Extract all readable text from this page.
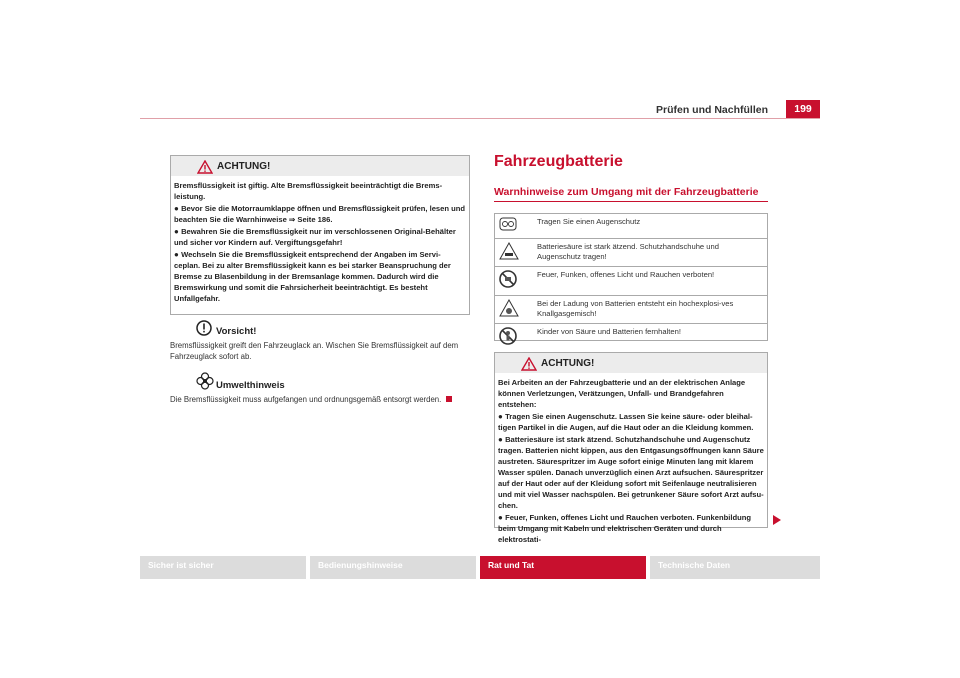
Prüfen und Nachfüllen	199
ACHTUNG!

Bremsflüssigkeit ist giftig. Alte Bremsflüssigkeit beeinträchtigt die Brems-leistung.

● Bevor Sie die Motorraumklappe öffnen und Bremsflüssigkeit prüfen, lesen und beachten Sie die Warnhinweise ⇒ Seite 186.

● Bewahren Sie die Bremsflüssigkeit nur im verschlossenen Original-Behälter und sicher vor Kindern auf. Vergiftungsgefahr!

● Wechseln Sie die Bremsflüssigkeit entsprechend der Angaben im Servi-ceplan. Bei zu alter Bremsflüssigkeit kann es bei starker Beanspruchung der Bremse zu Blasenbildung in der Bremsanlage kommen. Dadurch wird die Bremswirkung und somit die Fahrsicherheit beeinträchtigt. Es besteht Unfallgefahr.

Vorsicht!
Bremsflüssigkeit greift den Fahrzeuglack an. Wischen Sie Bremsflüssigkeit auf dem Fahrzeuglack sofort ab.
Umwelthinweis
Die Bremsflüssigkeit muss aufgefangen und ordnungsgemäß entsorgt werden.
Fahrzeugbatterie
Warnhinweise zum Umgang mit der Fahrzeugbatterie
	Tragen Sie einen Augenschutz
	Batteriesäure ist stark ätzend. Schutzhandschuhe und Augenschutz tragen!
	Feuer, Funken, offenes Licht und Rauchen verboten!
	Bei der Ladung von Batterien entsteht ein hochexplosi-ves Knallgasgemisch!
	Kinder von Säure und Batterien fernhalten!
ACHTUNG!

Bei Arbeiten an der Fahrzeugbatterie und an der elektrischen Anlage können Verletzungen, Verätzungen, Unfall- und Brandgefahren entstehen:

● Tragen Sie einen Augenschutz. Lassen Sie keine säure- oder bleihal-tigen Partikel in die Augen, auf die Haut oder an die Kleidung kommen.

● Batteriesäure ist stark ätzend. Schutzhandschuhe und Augenschutz tragen. Batterien nicht kippen, aus den Entgasungsöffnungen kann Säure austreten. Säurespritzer im Auge sofort einige Minuten lang mit klarem Wasser spülen. Danach unverzüglich einen Arzt aufsuchen. Säurespritzer auf der Haut oder auf der Kleidung sofort mit Seifenlauge neutralisieren und mit viel Wasser nachspülen. Bei getrunkener Säure sofort Arzt aufsu-chen.

● Feuer, Funken, offenes Licht und Rauchen verboten. Funkenbildung beim Umgang mit Kabeln und elektrischen Geräten und durch elektrostati-

Sicher ist sicher	Bedienungshinweise	Rat und Tat	Technische Daten
